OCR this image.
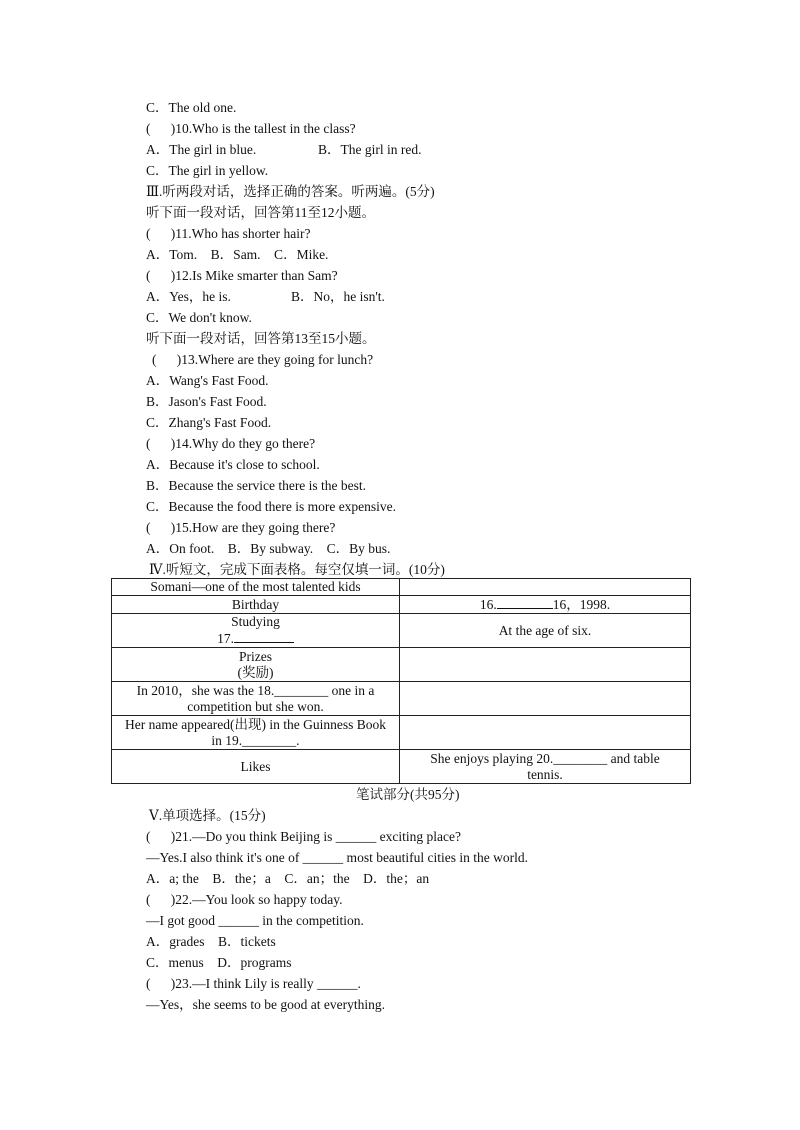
C．The old one.
(      )10.Who is the tallest in the class?
A．The girl in blue.	B．The girl in red.
C．The girl in yellow.
Ⅲ.听两段对话，选择正确的答案。听两遍。(5分)
听下面一段对话，回答第11至12小题。
(      )11.Who has shorter hair?
A．Tom.    B．Sam.    C．Mike.
(      )12.Is Mike smarter than Sam?
A．Yes，he is.	B．No，he isn't.
C．We don't know.
听下面一段对话，回答第13至15小题。
(      )13.Where are they going for lunch?
A．Wang's Fast Food.
B．Jason's Fast Food.
C．Zhang's Fast Food.
(      )14.Why do they go there?
A．Because it's close to school.
B．Because the service there is the best.
C．Because the food there is more expensive.
(      )15.How are they going there?
A．On foot.    B．By subway.    C．By bus.
Ⅳ.听短文，完成下面表格。每空仅填一词。(10分)
Somani—one of the most talented kids	
Birthday	16. 16，1998.

Studying
17.	At the age of six.

Prizes
(奖励)	

In 2010，she was the 18.________ one in a
competition but she won.	

Her name appeared(出现) in the Guinness Book
in 19.________.	

Likes	She enjoys playing 20.________ and table
tennis.
笔试部分(共95分)
Ⅴ.单项选择。(15分)
(      )21.—Do you think Beijing is ______ exciting place?
—Yes.I also think it's one of ______ most beautiful cities in the world.
A．a; the    B．the；a    C．an；the    D．the；an
(      )22.—You look so happy today.
—I got good ______ in the competition.
A．grades    B．tickets
C．menus    D．programs
(      )23.—I think Lily is really ______.
—Yes，she seems to be good at everything.
